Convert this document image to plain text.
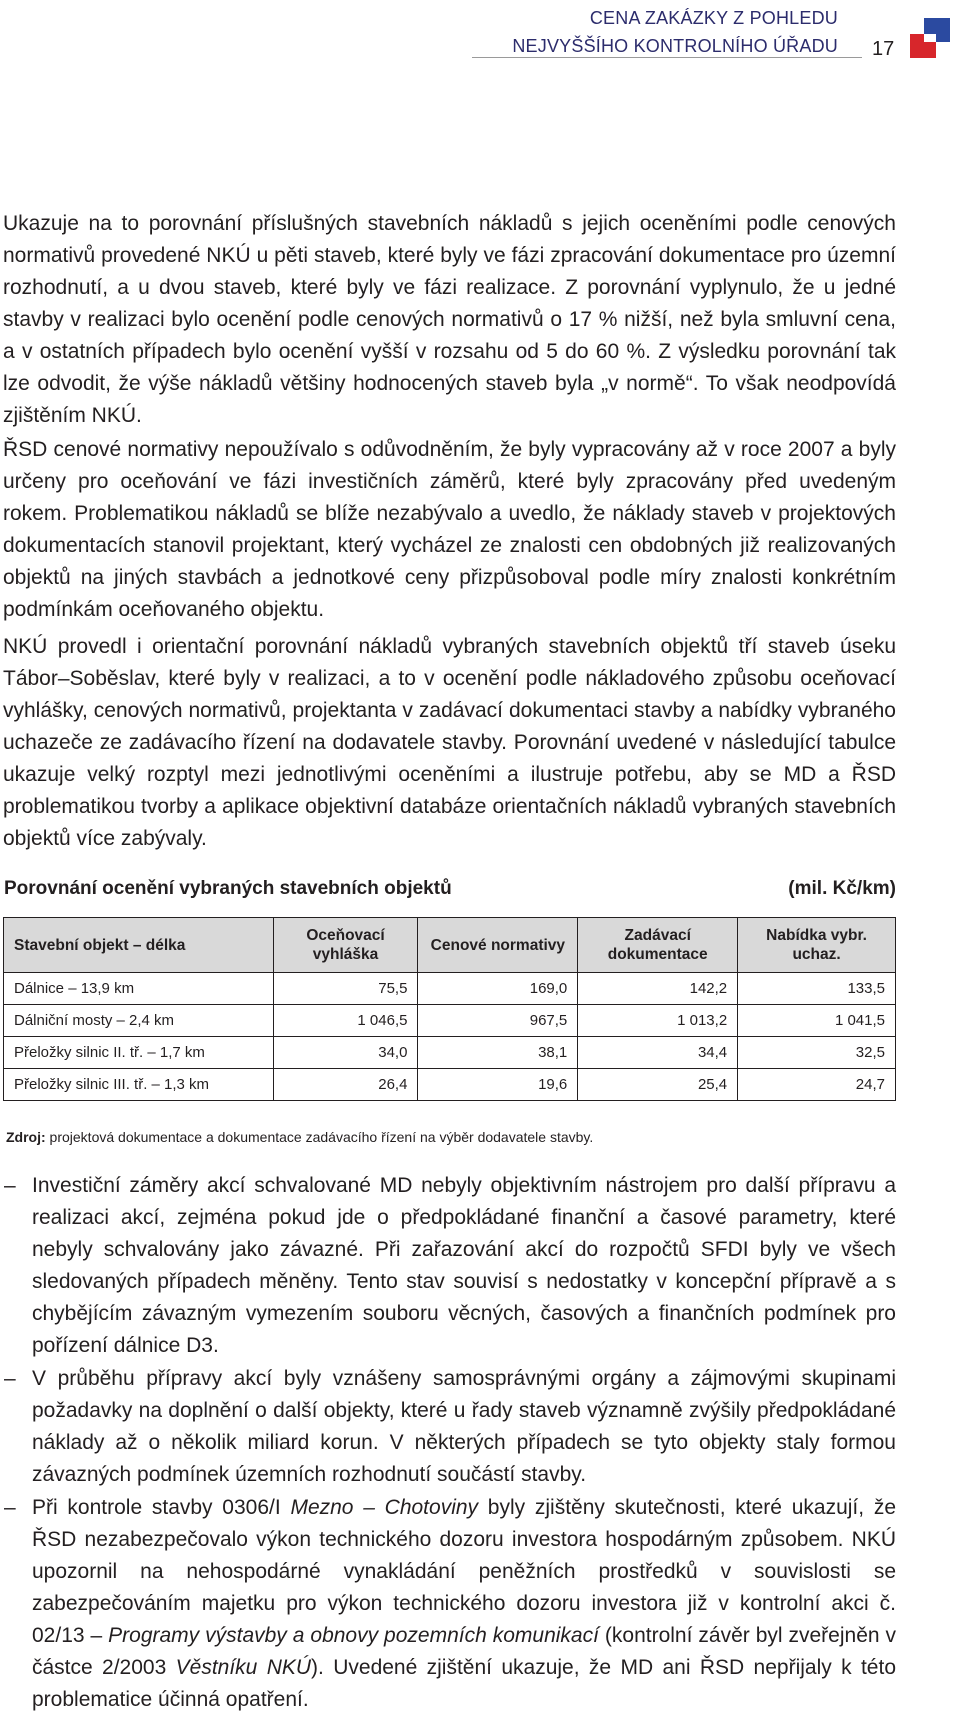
CENA ZAKÁZKY Z POHLEDU
NEJVYŠŠÍHO KONTROLNÍHO ÚŘADU 17

Ukazuje na to porovnání příslušných stavebních nákladů s jejich oceněními podle cenových normativů provedené NKÚ u pěti staveb, které byly ve fázi zpracování dokumentace pro územní rozhodnutí, a u dvou staveb, které byly ve fázi realizace. Z porovnání vyplynulo, že u jedné stavby v realizaci bylo ocenění podle cenových normativů o 17 % nižší, než byla smluvní cena, a v ostatních případech bylo ocenění vyšší v rozsahu od 5 do 60 %. Z výsledku porovnání tak lze odvodit, že výše nákladů většiny hodnocených staveb byla „v normě“. To však neodpovídá zjištěním NKÚ.

ŘSD cenové normativy nepoužívalo s odůvodněním, že byly vypracovány až v roce 2007 a byly určeny pro oceňování ve fázi investičních záměrů, které byly zpracovány před uvedeným rokem. Problematikou nákladů se blíže nezabývalo a uvedlo, že náklady staveb v projektových dokumentacích stanovil projektant, který vycházel ze znalosti cen obdobných již realizovaných objektů na jiných stavbách a jednotkové ceny přizpůsoboval podle míry znalosti konkrétním podmínkám oceňovaného objektu.

NKÚ provedl i orientační porovnání nákladů vybraných stavebních objektů tří staveb úseku Tábor–Soběslav, které byly v realizaci, a to v ocenění podle nákladového způsobu oceňovací vyhlášky, cenových normativů, projektanta v zadávací dokumentaci stavby a nabídky vybraného uchazeče ze zadávacího řízení na dodavatele stavby. Porovnání uvedené v následující tabulce ukazuje velký rozptyl mezi jednotlivými oceněními a ilustruje potřebu, aby se MD a ŘSD problematikou tvorby a aplikace objektivní databáze orientačních nákladů vybraných stavebních objektů více zabývaly.

Porovnání ocenění vybraných stavebních objektů	(mil. Kč/km)
Stavební objekt – délka	Oceňovací vyhláška	Cenové normativy	Zadávací dokumentace	Nabídka vybr. uchaz.
Dálnice – 13,9 km	75,5	169,0	142,2	133,5
Dálniční mosty – 2,4 km	1 046,5	967,5	1 013,2	1 041,5
Přeložky silnic II. tř. – 1,7 km	34,0	38,1	34,4	32,5
Přeložky silnic III. tř. – 1,3 km	26,4	19,6	25,4	24,7
Zdroj: projektová dokumentace a dokumentace zadávacího řízení na výběr dodavatele stavby.
– Investiční záměry akcí schvalované MD nebyly objektivním nástrojem pro další přípravu a realizaci akcí, zejména pokud jde o předpokládané finanční a časové parametry, které nebyly schvalovány jako závazné. Při zařazování akcí do rozpočtů SFDI byly ve všech sledovaných případech měněny. Tento stav souvisí s nedostatky v koncepční přípravě a s chybějícím závazným vymezením souboru věcných, časových a finančních podmínek pro pořízení dálnice D3.
– V průběhu přípravy akcí byly vznášeny samosprávnými orgány a zájmovými skupinami požadavky na doplnění o další objekty, které u řady staveb významně zvýšily předpokládané náklady až o několik miliard korun. V některých případech se tyto objekty staly formou závazných podmínek územních rozhodnutí součástí stavby.
– Při kontrole stavby 0306/I Mezno – Chotoviny byly zjištěny skutečnosti, které ukazují, že ŘSD nezabezpečovalo výkon technického dozoru investora hospodárným způsobem. NKÚ upozornil na nehospodárné vynakládání peněžních prostředků v souvislosti se zabezpečováním majetku pro výkon technického dozoru investora již v kontrolní akci č. 02/13 – Programy výstavby a obnovy pozemních komunikací (kontrolní závěr byl zveřejněn v částce 2/2003 Věstníku NKÚ). Uvedené zjištění ukazuje, že MD ani ŘSD nepřijaly k této problematice účinná opatření.
